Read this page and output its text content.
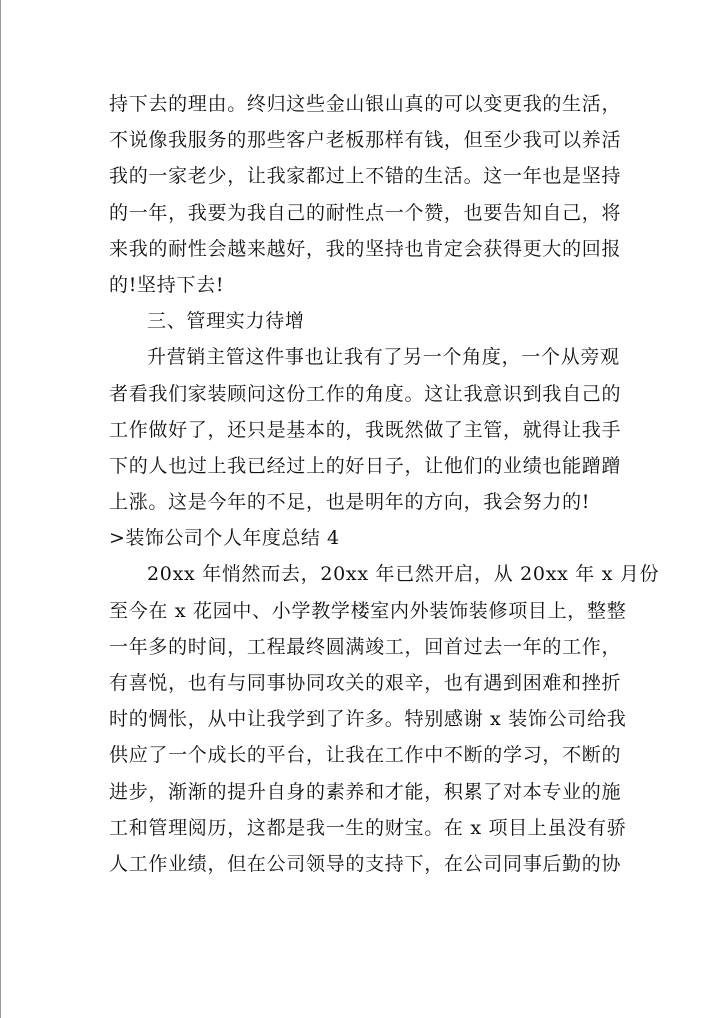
持下去的理由。终归这些金山银山真的可以变更我的生活，
不说像我服务的那些客户老板那样有钱，但至少我可以养活
我的一家老少，让我家都过上不错的生活。这一年也是坚持
的一年，我要为我自己的耐性点一个赞，也要告知自己，将
来我的耐性会越来越好，我的坚持也肯定会获得更大的回报
的!坚持下去!
三、管理实力待增
升营销主管这件事也让我有了另一个角度，一个从旁观
者看我们家装顾问这份工作的角度。这让我意识到我自己的
工作做好了，还只是基本的，我既然做了主管，就得让我手
下的人也过上我已经过上的好日子，让他们的业绩也能蹭蹭
上涨。这是今年的不足，也是明年的方向，我会努力的!
>装饰公司个人年度总结 4
20xx 年悄然而去，20xx 年已然开启，从 20xx 年 x 月份
至今在 x 花园中、小学教学楼室内外装饰装修项目上，整整
一年多的时间，工程最终圆满竣工，回首过去一年的工作，
有喜悦，也有与同事协同攻关的艰辛，也有遇到困难和挫折
时的惆怅，从中让我学到了许多。特别感谢 x 装饰公司给我
供应了一个成长的平台，让我在工作中不断的学习，不断的
进步，渐渐的提升自身的素养和才能，积累了对本专业的施
工和管理阅历，这都是我一生的财宝。在 x 项目上虽没有骄
人工作业绩，但在公司领导的支持下，在公司同事后勤的协
